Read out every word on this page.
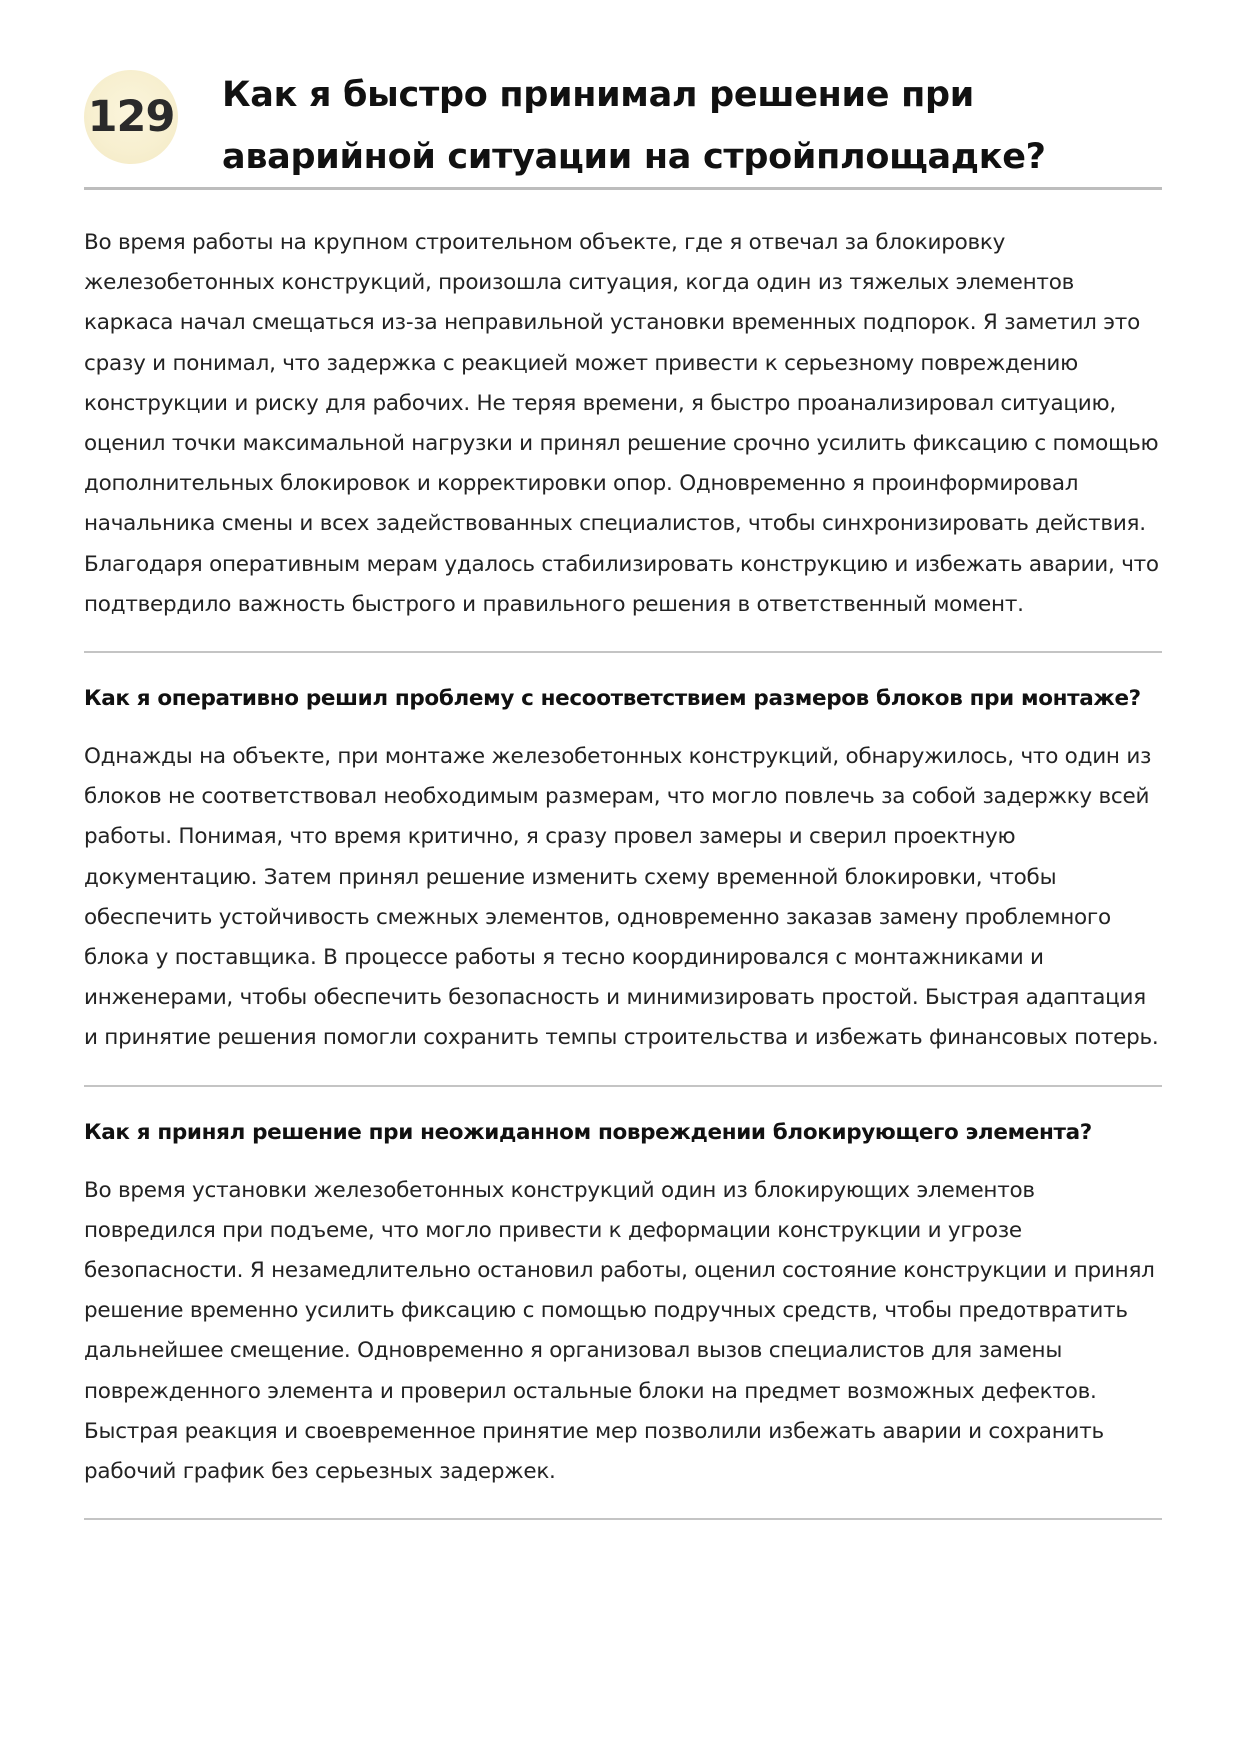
129 Как я быстро принимал решение при аварийной ситуации на стройплощадке?

Во время работы на крупном строительном объекте, где я отвечал за блокировку железобетонных конструкций, произошла ситуация, когда один из тяжелых элементов каркаса начал смещаться из-за неправильной установки временных подпорок. Я заметил это сразу и понимал, что задержка с реакцией может привести к серьезному повреждению конструкции и риску для рабочих. Не теряя времени, я быстро проанализировал ситуацию, оценил точки максимальной нагрузки и принял решение срочно усилить фиксацию с помощью дополнительных блокировок и корректировки опор. Одновременно я проинформировал начальника смены и всех задействованных специалистов, чтобы синхронизировать действия. Благодаря оперативным мерам удалось стабилизировать конструкцию и избежать аварии, что подтвердило важность быстрого и правильного решения в ответственный момент.

Как я оперативно решил проблему с несоответствием размеров блоков при монтаже?

Однажды на объекте, при монтаже железобетонных конструкций, обнаружилось, что один из блоков не соответствовал необходимым размерам, что могло повлечь за собой задержку всей работы. Понимая, что время критично, я сразу провел замеры и сверил проектную документацию. Затем принял решение изменить схему временной блокировки, чтобы обеспечить устойчивость смежных элементов, одновременно заказав замену проблемного блока у поставщика. В процессе работы я тесно координировался с монтажниками и инженерами, чтобы обеспечить безопасность и минимизировать простой. Быстрая адаптация и принятие решения помогли сохранить темпы строительства и избежать финансовых потерь.

Как я принял решение при неожиданном повреждении блокирующего элемента?

Во время установки железобетонных конструкций один из блокирующих элементов повредился при подъеме, что могло привести к деформации конструкции и угрозе безопасности. Я незамедлительно остановил работы, оценил состояние конструкции и принял решение временно усилить фиксацию с помощью подручных средств, чтобы предотвратить дальнейшее смещение. Одновременно я организовал вызов специалистов для замены поврежденного элемента и проверил остальные блоки на предмет возможных дефектов. Быстрая реакция и своевременное принятие мер позволили избежать аварии и сохранить рабочий график без серьезных задержек.
